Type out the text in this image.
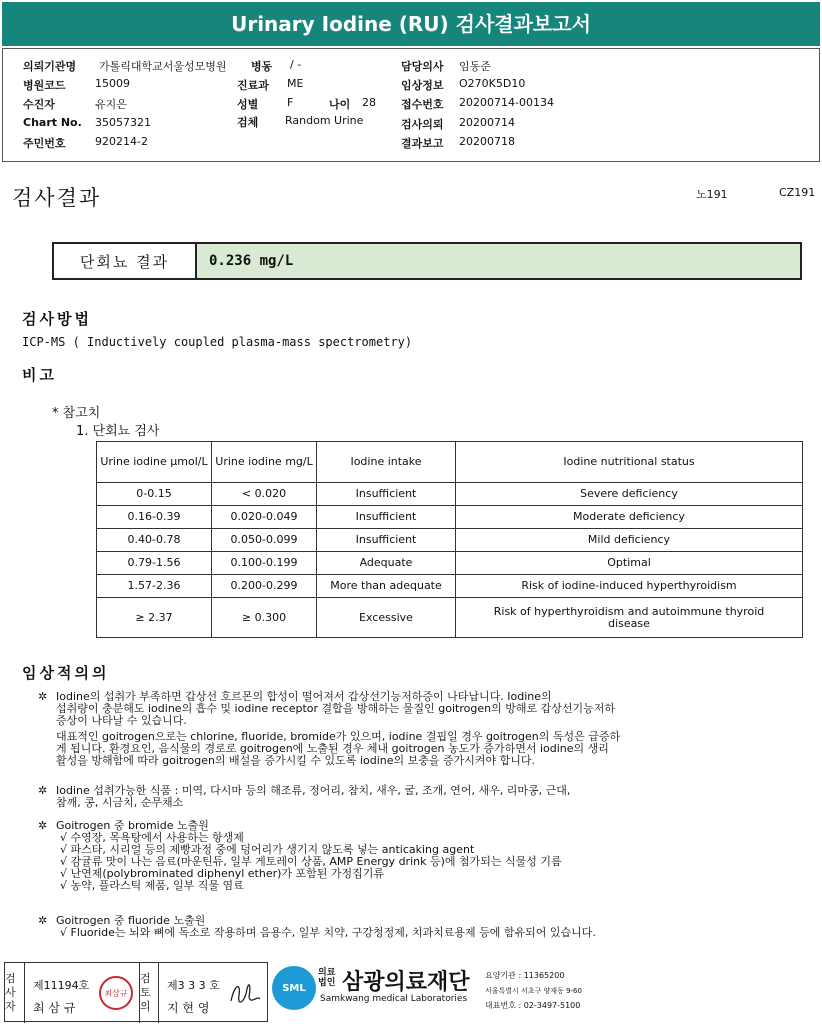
Urinary Iodine (RU) 검사결과보고서
의뢰기관명 가톨릭대학교서울성모병원 병동 / -	담당의사 임동준
병원코드	15009	진료과 ME	임상정보 O270K5D10
수진자	유지은	성별	F	나이 28 접수번호 20200714-00134
Chart No. 35057321	검체 Random Urine	검사의뢰 20200714
주민번호	920214-2	결과보고 20200718
검사결과	노191	CZ191
단회뇨 결과	0.236 mg/L
검사방법
ICP-MS ( Inductively coupled plasma-mass spectrometry)
비고
* 참고치
1. 단회뇨 검사
Urine iodine μmol/L	Urine iodine mg/L	Iodine intake	Iodine nutritional status
0-0.15	< 0.020	Insufficient	Severe deficiency
0.16-0.39	0.020-0.049	Insufficient	Moderate deficiency
0.40-0.78	0.050-0.099	Insufficient	Mild deficiency
0.79-1.56	0.100-0.199	Adequate	Optimal
1.57-2.36	0.200-0.299	More than adequate	Risk of iodine-induced hyperthyroidism
≥ 2.37	≥ 0.300	Excessive	Risk of hyperthyroidism and autoimmune thyroid disease
임상적의의
✲ Iodine의 섭취가 부족하면 갑상선 호르몬의 합성이 떨어져서 갑상선기능저하증이 나타납니다. Iodine의
섭취량이 충분해도 iodine의 흡수 및 iodine receptor 결합을 방해하는 물질인 goitrogen의 방해로 갑상선기능저하
증상이 나타날 수 있습니다.
대표적인 goitrogen으로는 chlorine, fluoride, bromide가 있으며, iodine 결핍일 경우 goitrogen의 독성은 급증하
게 됩니다. 환경요인, 음식물의 경로로 goitrogen에 노출된 경우 체내 goitrogen 농도가 증가하면서 iodine의 생리
활성을 방해함에 따라 goitrogen의 배설을 증가시킬 수 있도록 iodine의 보충을 증가시켜야 합니다.
✲ Iodine 섭취가능한 식품 : 미역, 다시마 등의 해조류, 정어리, 참치, 새우, 굴, 조개, 연어, 새우, 리마콩, 근대,
참깨, 콩, 시금치, 순무채소
✲ Goitrogen 중 bromide 노출원
√ 수영장, 목욕탕에서 사용하는 항생제
√ 파스타, 시리얼 등의 제빵과정 중에 덩어리가 생기지 않도록 넣는 anticaking agent
√ 감귤류 맛이 나는 음료(마운틴듀, 일부 게토레이 상품, AMP Energy drink 등)에 첨가되는 식물성 기름
√ 난연제(polybrominated diphenyl ether)가 포함된 가정집기류
√ 농약, 플라스틱 제품, 일부 직물 염료
✲ Goitrogen 중 fluoride 노출원
√ Fluoride는 뇌와 뼈에 독소로 작용하며 음용수, 일부 치약, 구강청정제, 치과치료용제 등에 함유되어 있습니다.
검사자
제11194호
최 삼 규
최삼규
검토의
제3 3 3 호
지 현 영
SML
의료법인 삼광의료재단
Samkwang medical Laboratories
요양기관 : 11365200
서울특별시 서초구 양재동 9-60
대표번호 : 02-3497-5100
